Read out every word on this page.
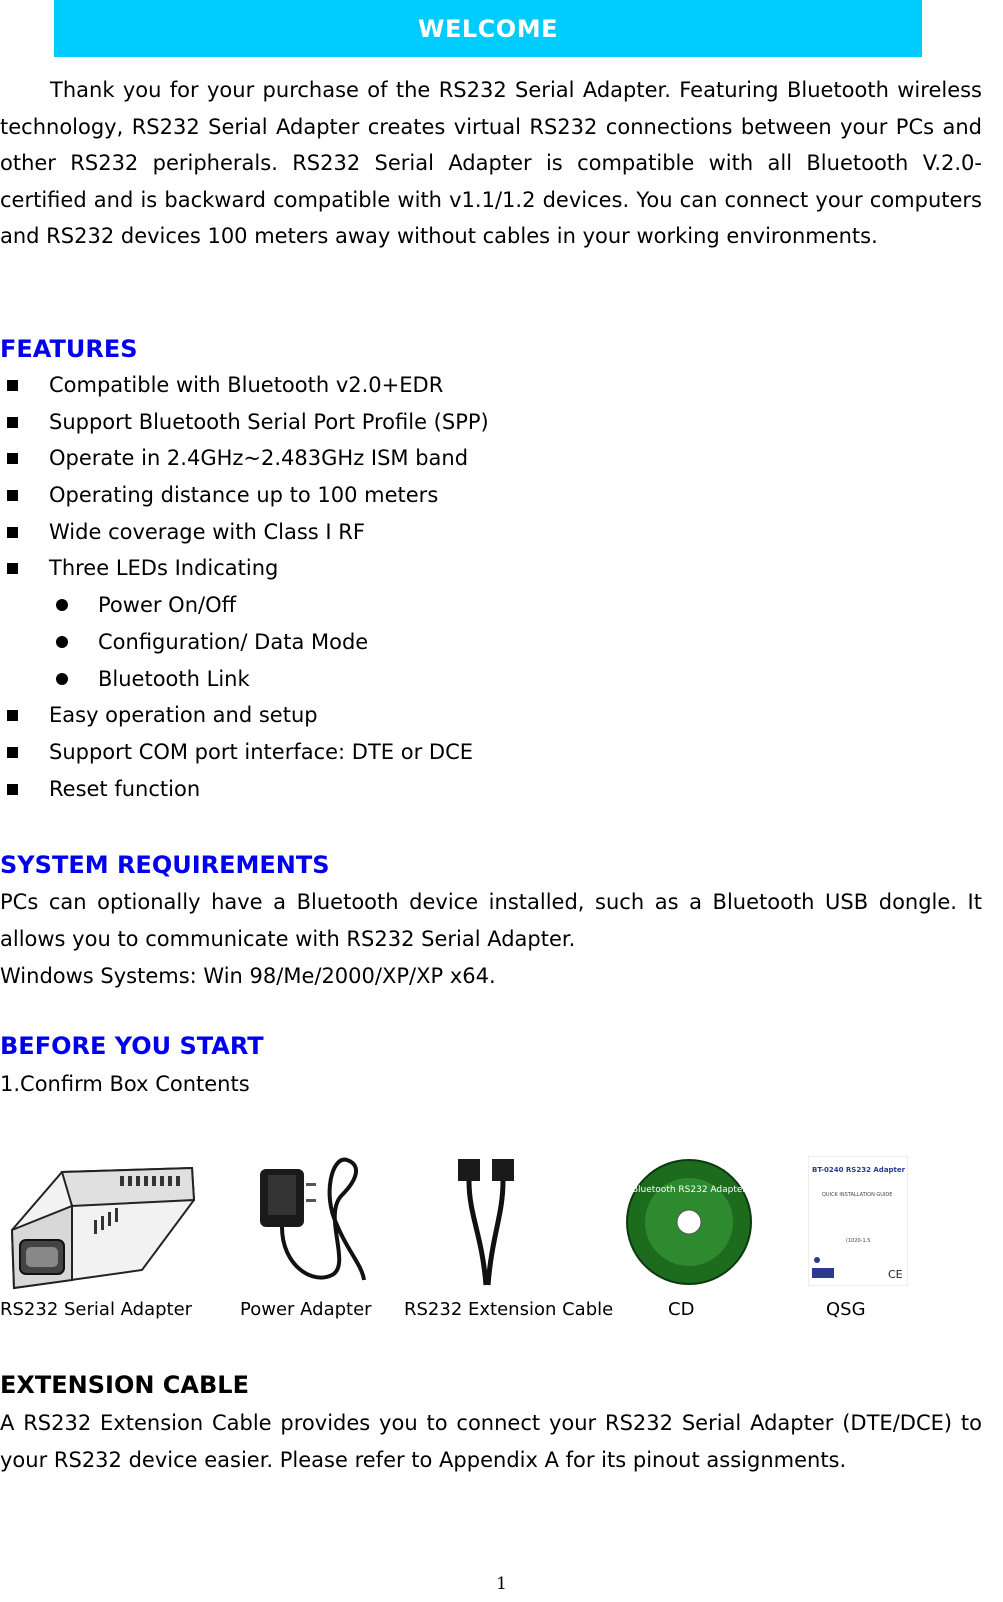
WELCOME

Thank you for your purchase of the RS232 Serial Adapter. Featuring Bluetooth wireless technology, RS232 Serial Adapter creates virtual RS232 connections between your PCs and other RS232 peripherals. RS232 Serial Adapter is compatible with all Bluetooth V.2.0-certified and is backward compatible with v1.1/1.2 devices. You can connect your computers and RS232 devices 100 meters away without cables in your working environments.

FEATURES
Compatible with Bluetooth v2.0+EDR
Support Bluetooth Serial Port Profile (SPP)
Operate in 2.4GHz~2.483GHz ISM band
Operating distance up to 100 meters
Wide coverage with Class I RF
Three LEDs Indicating
Power On/Off
Configuration/ Data Mode
Bluetooth Link
Easy operation and setup
Support COM port interface: DTE or DCE
Reset function
SYSTEM REQUIREMENTS

PCs can optionally have a Bluetooth device installed, such as a Bluetooth USB dongle. It allows you to communicate with RS232 Serial Adapter.

Windows Systems: Win 98/Me/2000/XP/XP x64.

BEFORE YOU START

1.Confirm Box Contents

Bluetooth RS232 Adapter
BT-0240 RS232 Adapter
QUICK INSTALLATION GUIDE
(1020-1.5
CE
RS232 Serial Adapter	Power Adapter RS232 Extension Cable	CD	QSG
EXTENSION CABLE

A RS232 Extension Cable provides you to connect your RS232 Serial Adapter (DTE/DCE) to your RS232 device easier. Please refer to Appendix A for its pinout assignments.

1
